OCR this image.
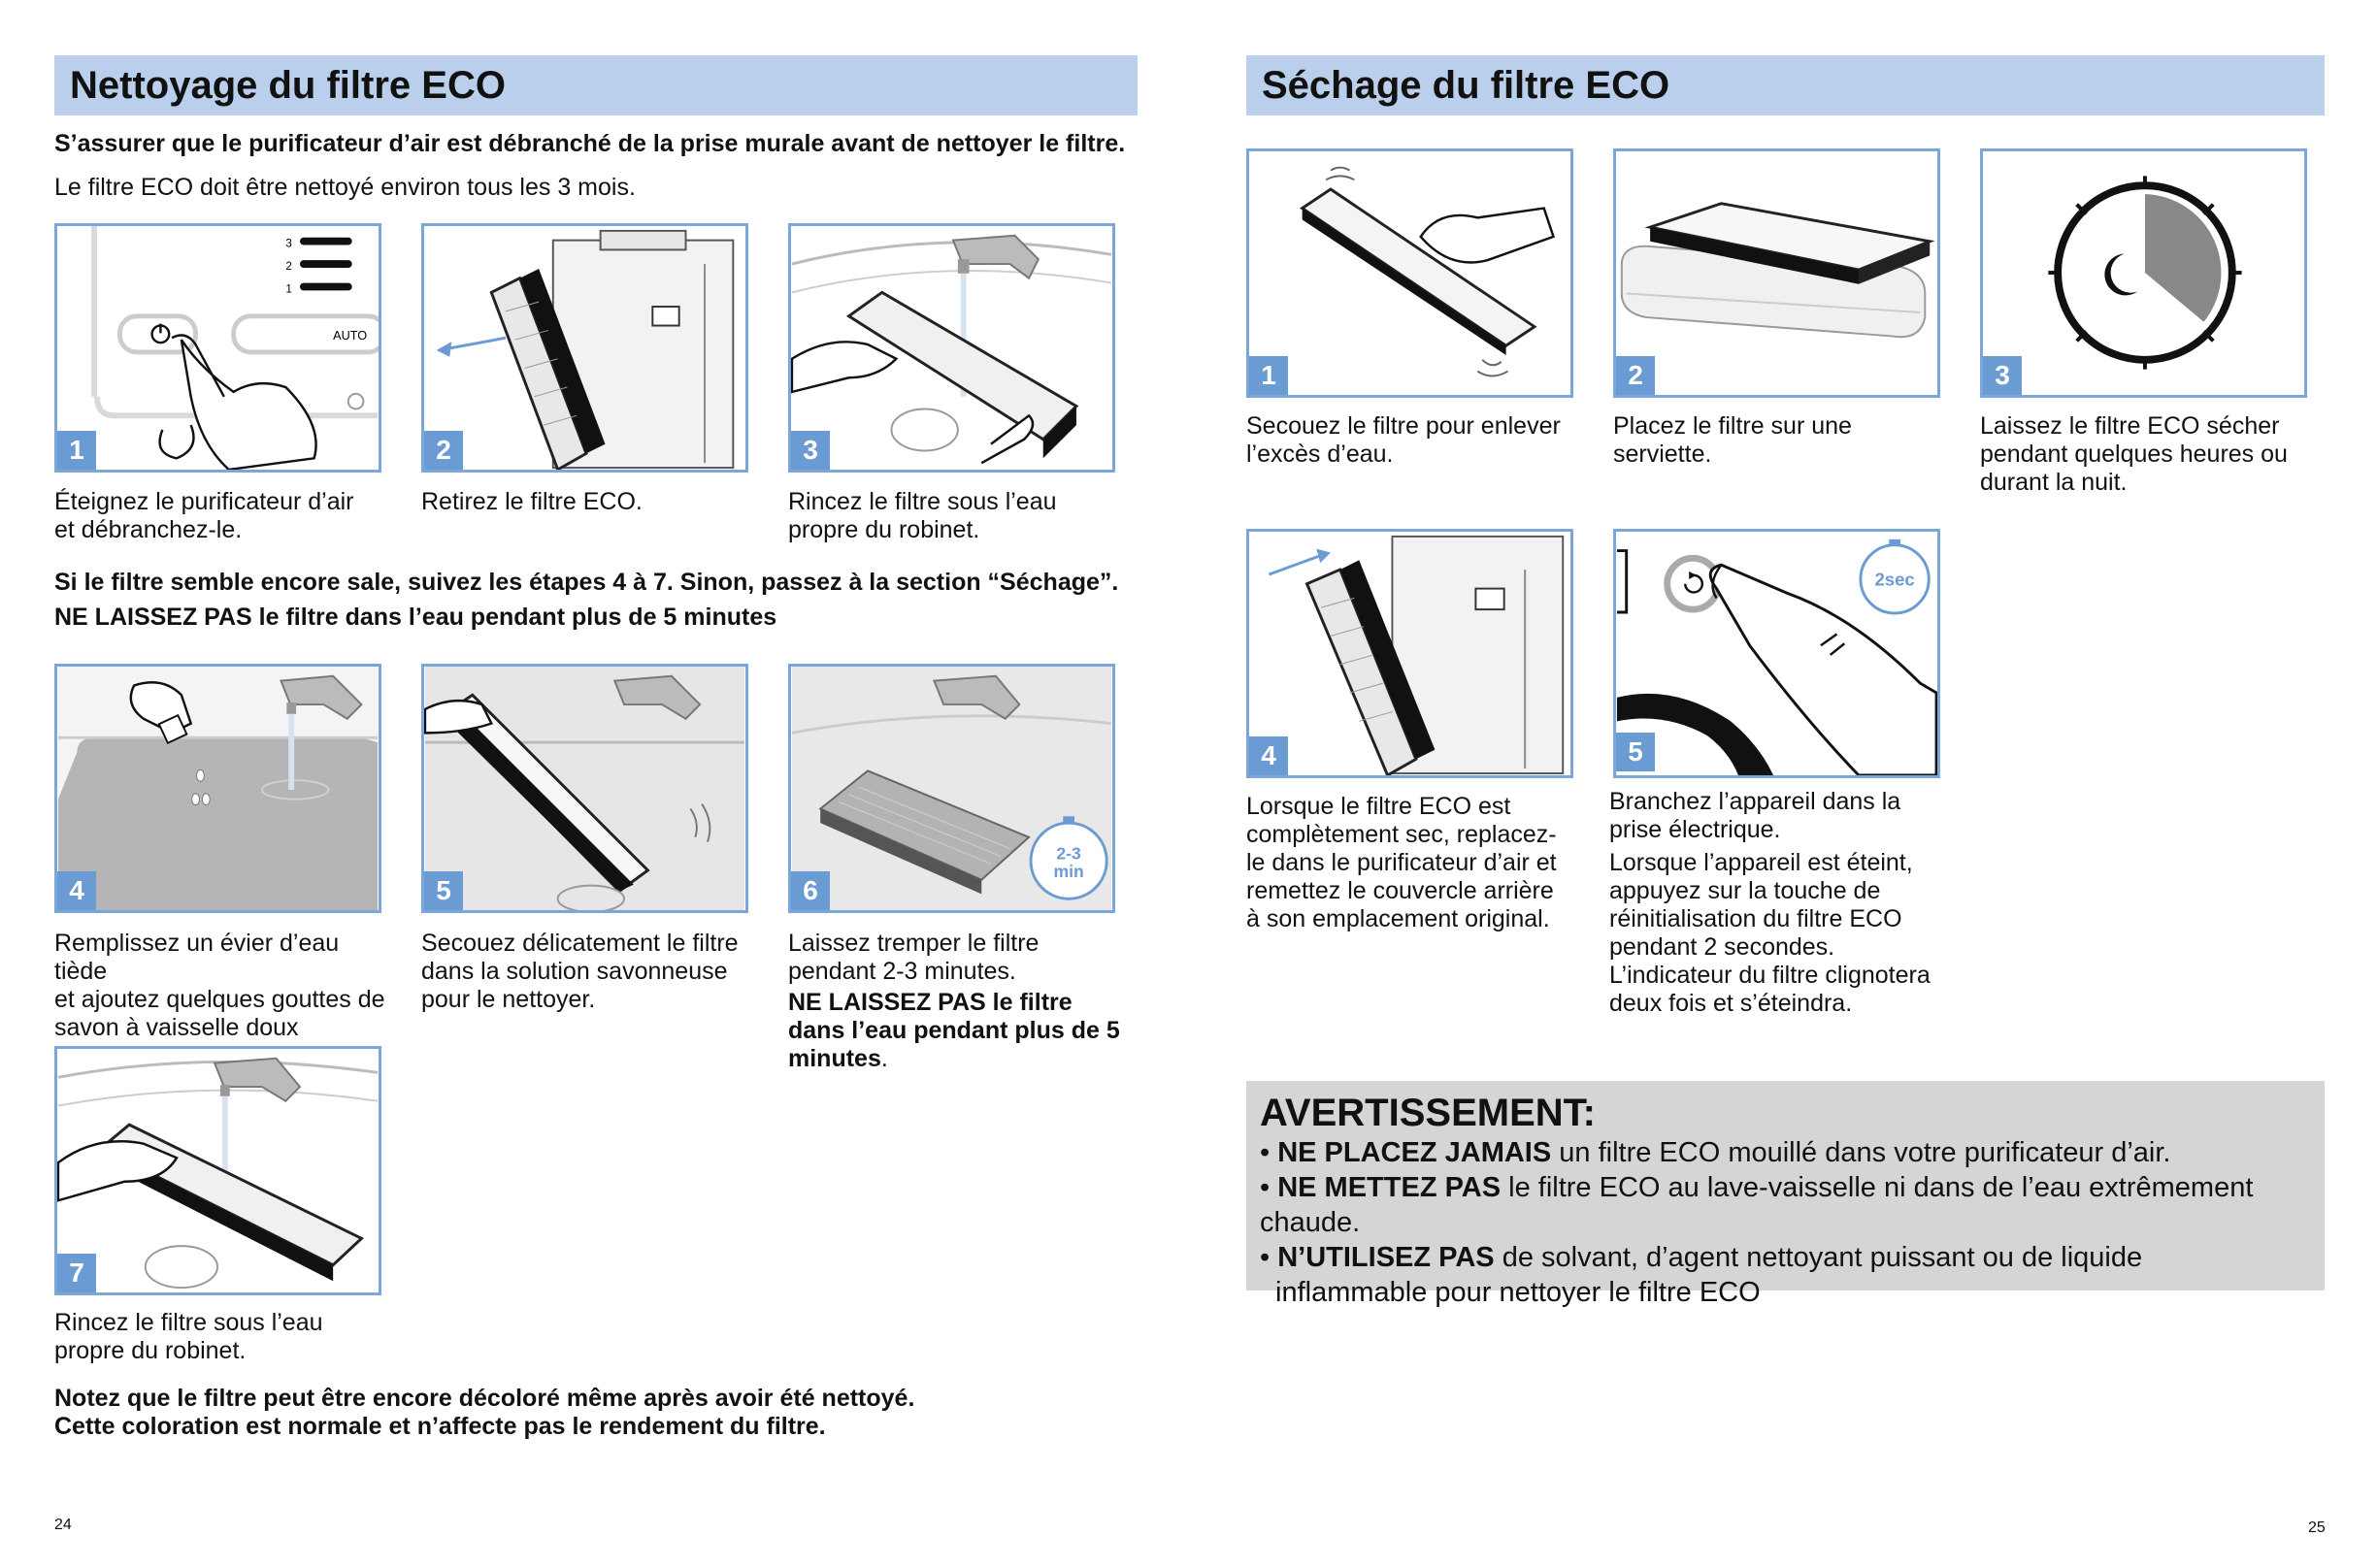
Nettoyage du filtre ECO

S’assurer que le purificateur d’air est débranché de la prise murale avant de nettoyer le filtre.

Le filtre ECO doit être nettoyé environ tous les 3 mois.

3
2
1
AUTO
1
Éteignez le purificateur d’air
et débranchez-le.
2
Retirez le filtre ECO.
3
Rincez le filtre sous l’eau
propre du robinet.

Si le filtre semble encore sale, suivez les étapes 4 à 7. Sinon, passez à la section “Séchage”.

NE LAISSEZ PAS le filtre dans l’eau pendant plus de 5 minutes

4
Remplissez un évier d’eau tiède
et ajoutez quelques gouttes de
savon à vaisselle doux
5
Secouez délicatement le filtre
dans la solution savonneuse
pour le nettoyer.
2-3
min
6
Laissez tremper le filtre
pendant 2-3 minutes.
NE LAISSEZ PAS le filtre
dans l’eau pendant plus de 5
minutes.
7
Rincez le filtre sous l’eau
propre du robinet.

Notez que le filtre peut être encore décoloré même après avoir été nettoyé.

Cette coloration est normale et n’affecte pas le rendement du filtre.

24
Séchage du filtre ECO
1
Secouez le filtre pour enlever
l’excès d’eau.
2
Placez le filtre sur une
serviette.
3
Laissez le filtre ECO sécher
pendant quelques heures ou
durant la nuit.
4
Lorsque le filtre ECO est
complètement sec, replacez-
le dans le purificateur d’air et
remettez le couvercle arrière
à son emplacement original.
2sec
5
Branchez l’appareil dans la
prise électrique.
Lorsque l’appareil est éteint,
appuyez sur la touche de
réinitialisation du filtre ECO
pendant 2 secondes.
L’indicateur du filtre clignotera
deux fois et s’éteindra.

AVERTISSEMENT:

• NE PLACEZ JAMAIS un filtre ECO mouillé dans votre purificateur d’air.

• NE METTEZ PAS le filtre ECO au lave-vaisselle ni dans de l’eau extrêmement chaude.

• N’UTILISEZ PAS de solvant, d’agent nettoyant puissant ou de liquide

inflammable pour nettoyer le filtre ECO

25
